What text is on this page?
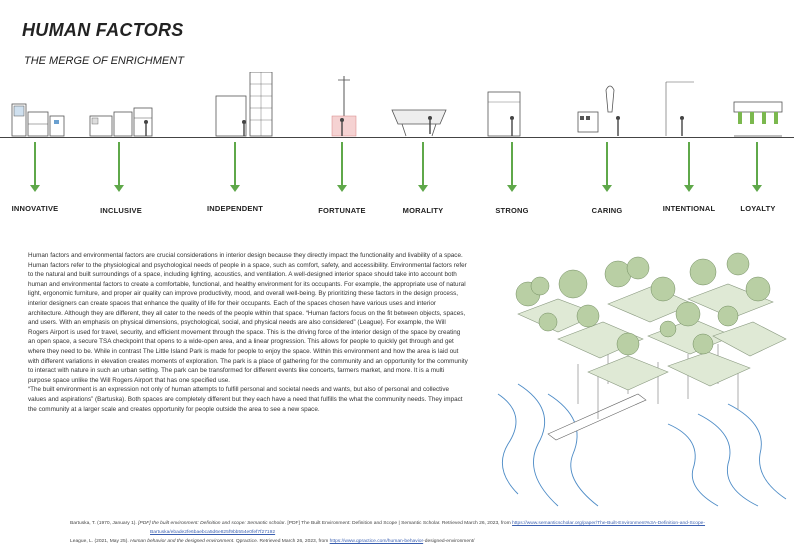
HUMAN FACTORS
THE MERGE OF ENRICHMENT
INNOVATIVE	INCLUSIVE	INDEPENDENT	FORTUNATE	MORALITY	STRONG	CARING	INTENTIONAL	LOYALTY
Human factors and environmental factors are crucial considerations in interior design because they directly impact the functionality and livability of a space. Human factors refer to the physiological and psychological needs of people in a space, such as comfort, safety, and accessibility. Environmental factors refer to the natural and built surroundings of a space, including lighting, acoustics, and ventilation. A well-designed interior space should take into account both human and environmental factors to create a comfortable, functional, and healthy environment for its occupants. For example, the appropriate use of natural light, ergonomic furniture, and proper air quality can improve productivity, mood, and overall well-being. By prioritizing these factors in the design process, interior designers can create spaces that enhance the quality of life for their occupants. Each of the spaces chosen have various uses and interior architecture. Although they are different, they all cater to the needs of the people within that space. “Human factors focus on the fit between objects, spaces, and users. With an emphasis on physical dimensions, psychological, social, and physical needs are also considered” (League). For example, the Will Rogers Airport is used for travel, security, and efficient movement through the space. This is the driving force of the interior design of the space by creating an open space, a secure TSA checkpoint that opens to a wide-open area, and a linear progression. This allows for people to quickly get through and get where they need to be. While in contrast The Little Island Park is made for people to enjoy the space. Within this environment and how the area is laid out with different variations in elevation creates moments of exploration. The park is a place of gathering for the community and an opportunity for the community to interact with nature in such an urban setting. The park can be transformed for different events like concerts, farmers market, and more. It is a multi purpose space unlike the Will Rogers Airport that has one specified use.
“The built environment is an expression not only of human attempts to fulfill personal and societal needs and wants, but also of personal and collective values and aspirations” (Bartuska). Both spaces are completely different but they each have a need that fulfills the what the community needs. They impact the community at a larger scale and creates opportunity for people outside the area to see a new space.
Bartuska, T. (1970, January 1). [PDF] the built environment: Definition and scope: Semantic scholar. [PDF] The Built Environment: Definition and Scope | Semantic Scholar. Retrieved March 26, 2023, from https://www.semanticscholar.org/paper/The-Built-Environment%3A-Definition-and-Scope-
Bartuska/ebade2fe6baebca5d6e825f9bb554e0fef7f27192
League, L. (2021, May 25). Human behavior and the designed environment. Qpractice. Retrieved March 26, 2023, from https://www.qpractice.com/human-behavior-designed-environment/
